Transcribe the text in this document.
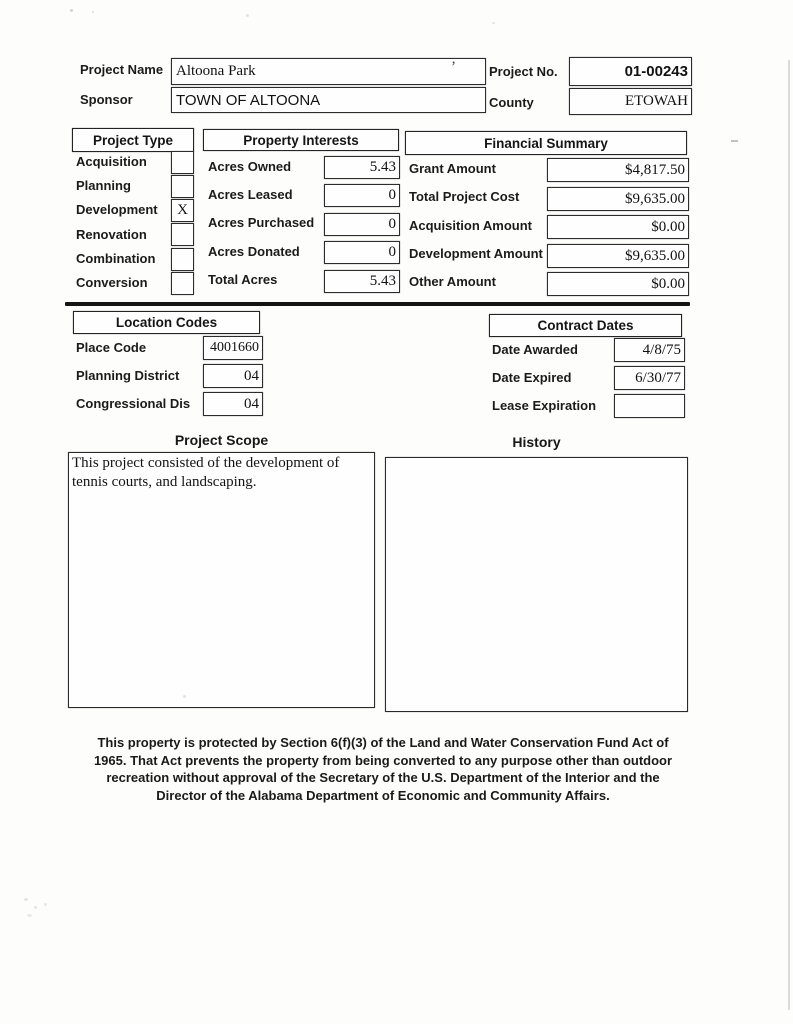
Project Name Altoona Park	’	Project No.	01-00243
Sponsor	TOWN OF ALTOONA	County	ETOWAH
Project Type
Acquisition
Planning
Development	X
Renovation
Combination
Conversion
Property Interests
Acres Owned	5.43
Acres Leased	0
Acres Purchased	0
Acres Donated	0
Total Acres	5.43
Financial Summary
Grant Amount	$4,817.50
Total Project Cost	$9,635.00
Acquisition Amount	$0.00
Development Amount	$9,635.00
Other Amount	$0.00
Location Codes
Place Code	4001660
Planning District	04
Congressional Dis	04
Contract Dates
Date Awarded	4/8/75
Date Expired	6/30/77
Lease Expiration
Project Scope
This project consisted of the development of tennis courts, and landscaping.
History
This property is protected by Section 6(f)(3) of the Land and Water Conservation Fund Act of
1965. That Act prevents the property from being converted to any purpose other than outdoor
recreation without approval of the Secretary of the U.S. Department of the Interior and the
Director of the Alabama Department of Economic and Community Affairs.
